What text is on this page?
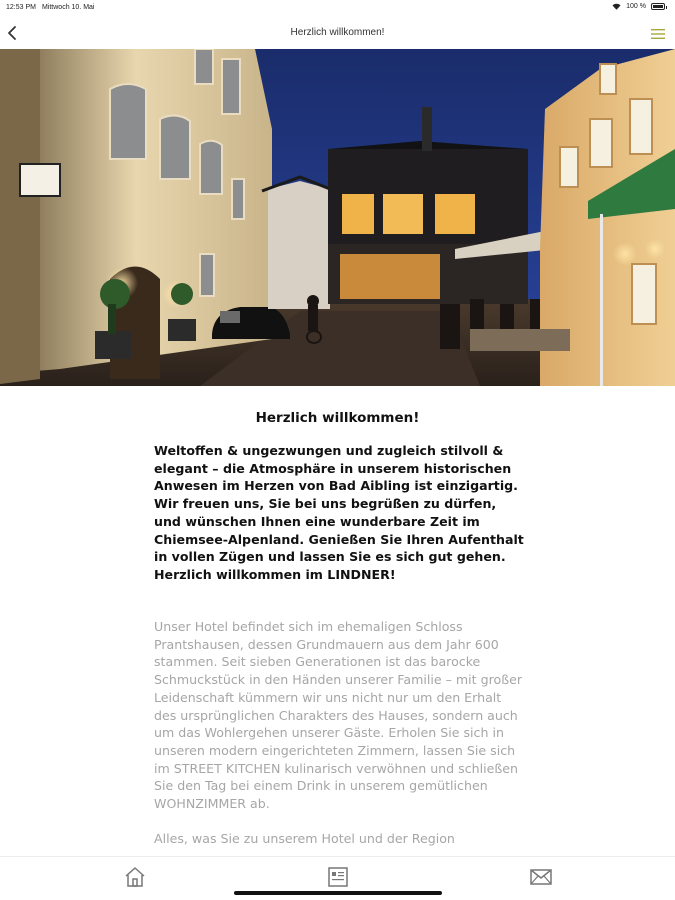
12:53 PM Mittwoch 10. Mai	100 %
Herzlich willkommen!
Herzlich willkommen!
Weltoffen & ungezwungen und zugleich stilvoll & elegant – die Atmosphäre in unserem historischen Anwesen im Herzen von Bad Aibling ist einzigartig. Wir freuen uns, Sie bei uns begrüßen zu dürfen, und wünschen Ihnen eine wunderbare Zeit im Chiemsee-Alpenland. Genießen Sie Ihren Aufenthalt in vollen Zügen und lassen Sie es sich gut gehen. Herzlich willkommen im LINDNER!

Unser Hotel befindet sich im ehemaligen Schloss Prantshausen, dessen Grundmauern aus dem Jahr 600 stammen. Seit sieben Generationen ist das barocke Schmuckstück in den Händen unserer Familie – mit großer Leidenschaft kümmern wir uns nicht nur um den Erhalt des ursprünglichen Charakters des Hauses, sondern auch um das Wohlergehen unserer Gäste. Erholen Sie sich in unseren modern eingerichteten Zimmern, lassen Sie sich im STREET KITCHEN kulinarisch verwöhnen und schließen Sie den Tag bei einem Drink in unserem gemütlichen WOHNZIMMER ab.

Alles, was Sie zu unserem Hotel und der Region
